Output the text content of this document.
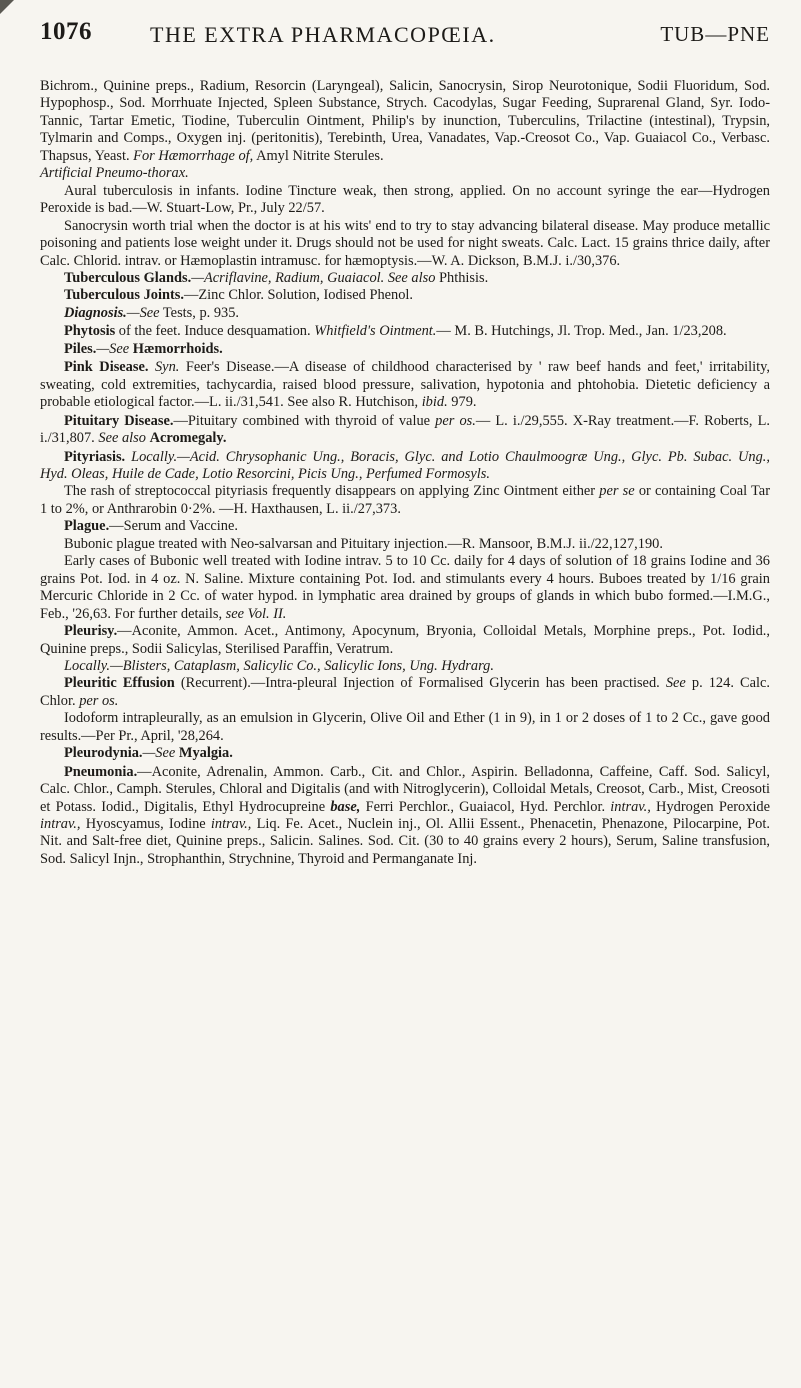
1076	THE EXTRA PHARMACOPŒIA.	TUB—PNE

Bichrom., Quinine preps., Radium, Resorcin (Laryngeal), Salicin, Sanocrysin, Sirop Neurotonique, Sodii Fluoridum, Sod. Hypophosp., Sod. Morrhuate Injected, Spleen Substance, Strych. Cacodylas, Sugar Feeding, Suprarenal Gland, Syr. Iodo-Tannic, Tartar Emetic, Tiodine, Tuberculin Ointment, Philip's by inunction, Tuberculins, Trilactine (intestinal), Trypsin, Tylmarin and Comps., Oxygen inj. (peritonitis), Terebinth, Urea, Vanadates, Vap.-Creosot Co., Vap. Guaiacol Co., Verbasc. Thapsus, Yeast. For Hæmorrhage of, Amyl Nitrite Sterules.

Artificial Pneumo-thorax.

Aural tuberculosis in infants. Iodine Tincture weak, then strong, applied. On no account syringe the ear—Hydrogen Peroxide is bad.—W. Stuart-Low, Pr., July 22/57.

Sanocrysin worth trial when the doctor is at his wits' end to try to stay advancing bilateral disease. May produce metallic poisoning and patients lose weight under it. Drugs should not be used for night sweats. Calc. Lact. 15 grains thrice daily, after Calc. Chlorid. intrav. or Hæmoplastin intramusc. for hæmoptysis.—W. A. Dickson, B.M.J. i./30,376.

Tuberculous Glands.—Acriflavine, Radium, Guaiacol. See also Phthisis.

Tuberculous Joints.—Zinc Chlor. Solution, Iodised Phenol.

Diagnosis.—See Tests, p. 935.

Phytosis of the feet. Induce desquamation. Whitfield's Ointment.— M. B. Hutchings, Jl. Trop. Med., Jan. 1/23,208.

Piles.—See Hæmorrhoids.

Pink Disease. Syn. Feer's Disease.—A disease of childhood characterised by ' raw beef hands and feet,' irritability, sweating, cold extremities, tachycardia, raised blood pressure, salivation, hypotonia and phtohobia. Dietetic deficiency a probable etiological factor.—L. ii./31,541. See also R. Hutchison, ibid. 979.

Pituitary Disease.—Pituitary combined with thyroid of value per os.— L. i./29,555. X-Ray treatment.—F. Roberts, L. i./31,807. See also Acromegaly.

Pityriasis. Locally.—Acid. Chrysophanic Ung., Boracis, Glyc. and Lotio Chaulmoogræ Ung., Glyc. Pb. Subac. Ung., Hyd. Oleas, Huile de Cade, Lotio Resorcini, Picis Ung., Perfumed Formosyls.

The rash of streptococcal pityriasis frequently disappears on applying Zinc Ointment either per se or containing Coal Tar 1 to 2%, or Anthrarobin 0·2%. —H. Haxthausen, L. ii./27,373.

Plague.—Serum and Vaccine.

Bubonic plague treated with Neo-salvarsan and Pituitary injection.—R. Mansoor, B.M.J. ii./22,127,190.

Early cases of Bubonic well treated with Iodine intrav. 5 to 10 Cc. daily for 4 days of solution of 18 grains Iodine and 36 grains Pot. Iod. in 4 oz. N. Saline. Mixture containing Pot. Iod. and stimulants every 4 hours. Buboes treated by 1/16 grain Mercuric Chloride in 2 Cc. of water hypod. in lymphatic area drained by groups of glands in which bubo formed.—I.M.G., Feb., '26,63. For further details, see Vol. II.

Pleurisy.—Aconite, Ammon. Acet., Antimony, Apocynum, Bryonia, Colloidal Metals, Morphine preps., Pot. Iodid., Quinine preps., Sodii Salicylas, Sterilised Paraffin, Veratrum.

Locally.—Blisters, Cataplasm, Salicylic Co., Salicylic Ions, Ung. Hydrarg.

Pleuritic Effusion (Recurrent).—Intra-pleural Injection of Formalised Glycerin has been practised. See p. 124. Calc. Chlor. per os.

Iodoform intrapleurally, as an emulsion in Glycerin, Olive Oil and Ether (1 in 9), in 1 or 2 doses of 1 to 2 Cc., gave good results.—Per Pr., April, '28,264.

Pleurodynia.—See Myalgia.

Pneumonia.—Aconite, Adrenalin, Ammon. Carb., Cit. and Chlor., Aspirin. Belladonna, Caffeine, Caff. Sod. Salicyl, Calc. Chlor., Camph. Sterules, Chloral and Digitalis (and with Nitroglycerin), Colloidal Metals, Creosot, Carb., Mist, Creosoti et Potass. Iodid., Digitalis, Ethyl Hydrocupreine base, Ferri Perchlor., Guaiacol, Hyd. Perchlor. intrav., Hydrogen Peroxide intrav., Hyoscyamus, Iodine intrav., Liq. Fe. Acet., Nuclein inj., Ol. Allii Essent., Phenacetin, Phenazone, Pilocarpine, Pot. Nit. and Salt-free diet, Quinine preps., Salicin. Salines. Sod. Cit. (30 to 40 grains every 2 hours), Serum, Saline transfusion, Sod. Salicyl Injn., Strophanthin, Strychnine, Thyroid and Permanganate Inj.
